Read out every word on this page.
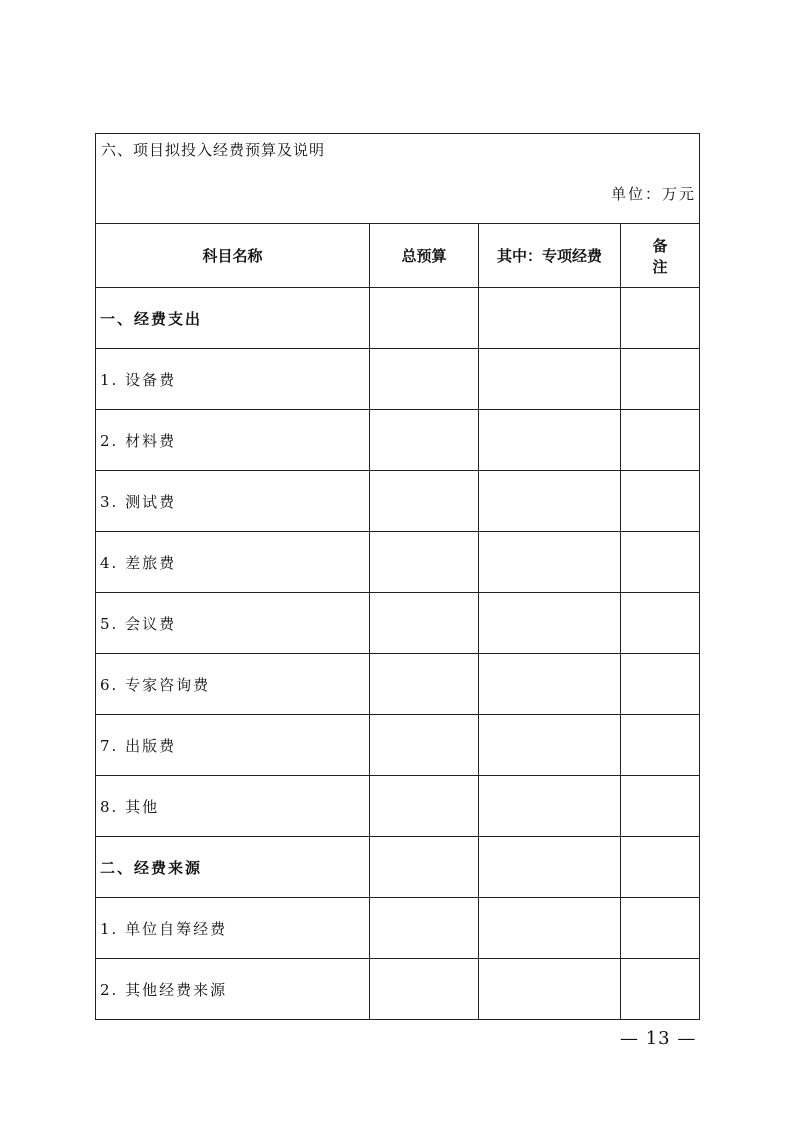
六、项目拟投入经费预算及说明
单位：万元			

科目名称	总预算	其中：专项经费	备 注
一、经费支出			
1. 设备费			
2. 材料费			
3. 测试费			
4. 差旅费			
5. 会议费			
6. 专家咨询费			
7. 出版费			
8. 其他			
二、经费来源			
1. 单位自筹经费			
2. 其他经费来源			
— 13 —
